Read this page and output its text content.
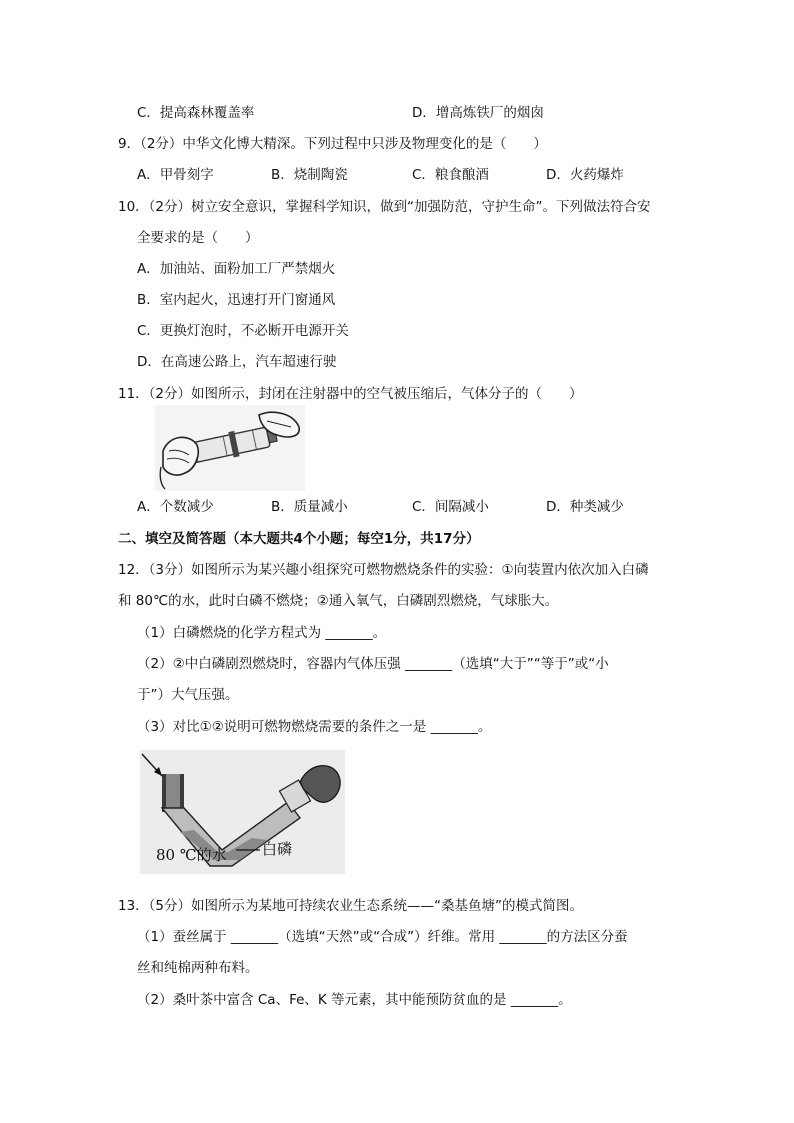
C．提高森林覆盖率	D．增高炼铁厂的烟囱
9．（2分）中华文化博大精深。下列过程中只涉及物理变化的是（　　）
A．甲骨刻字	B．烧制陶瓷	C．粮食酿酒	D．火药爆炸
10．（2分）树立安全意识，掌握科学知识，做到“加强防范，守护生命”。下列做法符合安
全要求的是（　　）
A．加油站、面粉加工厂严禁烟火
B．室内起火，迅速打开门窗通风
C．更换灯泡时，不必断开电源开关
D．在高速公路上，汽车超速行驶
11．（2分）如图所示，封闭在注射器中的空气被压缩后，气体分子的（　　）
A．个数减少	B．质量减小	C．间隔减小	D．种类减少
二、填空及简答题（本大题共4个小题；每空1分，共17分）
12．（3分）如图所示为某兴趣小组探究可燃物燃烧条件的实验：①向装置内依次加入白磷
和 80℃的水，此时白磷不燃烧；②通入氧气，白磷剧烈燃烧，气球胀大。
（1）白磷燃烧的化学方程式为 _______。
（2）②中白磷剧烈燃烧时，容器内气体压强 _______（选填“大于”“等于”或“小
于”）大气压强。
（3）对比①②说明可燃物燃烧需要的条件之一是 _______。
80 ℃的水 白磷
13．（5分）如图所示为某地可持续农业生态系统——“桑基鱼塘”的模式简图。
（1）蚕丝属于 _______（选填“天然”或“合成”）纤维。常用 _______的方法区分蚕
丝和纯棉两种布料。
（2）桑叶茶中富含 Ca、Fe、K 等元素，其中能预防贫血的是 _______。
